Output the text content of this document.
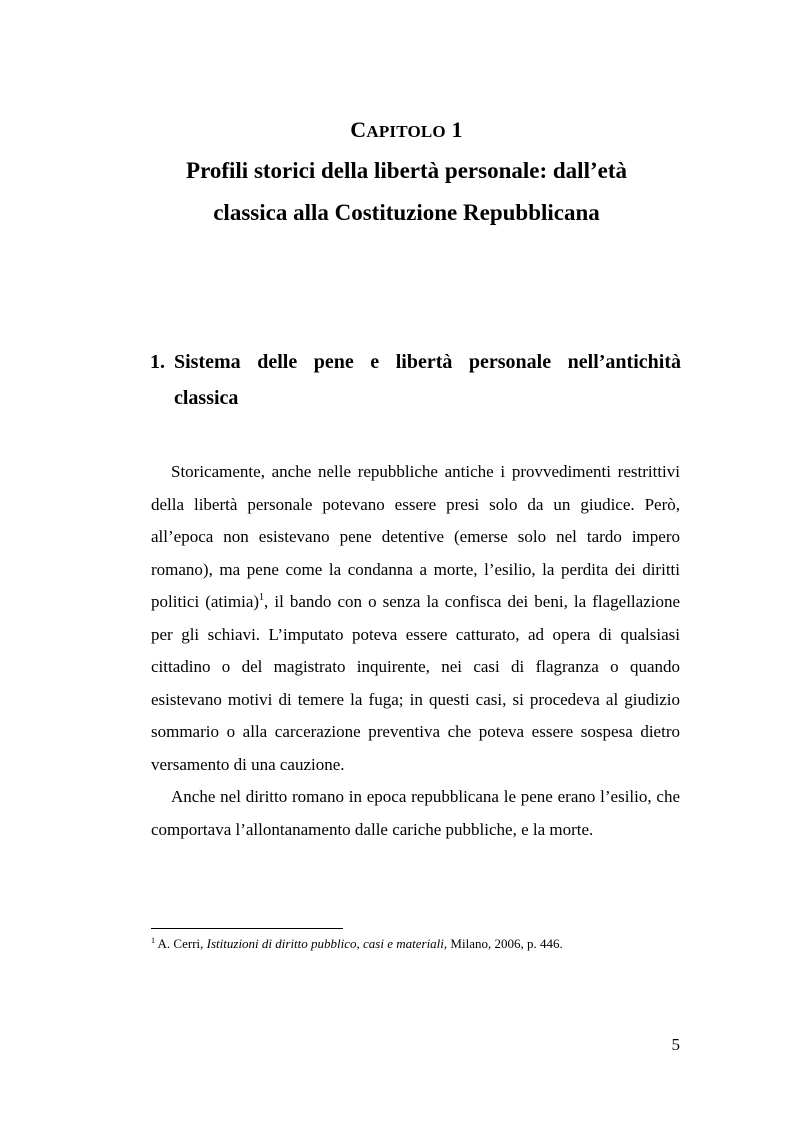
CAPITOLO 1
Profili storici della libertà personale: dall’età
classica alla Costituzione Repubblicana
1. Sistema delle pene e libertà personale nell’antichità
classica

Storicamente, anche nelle repubbliche antiche i provvedimenti restrittivi della libertà personale potevano essere presi solo da un giudice. Però, all’epoca non esistevano pene detentive (emerse solo nel tardo impero romano), ma pene come la condanna a morte, l’esilio, la perdita dei diritti politici (atimia)$^1$, il bando con o senza la confisca dei beni, la flagellazione per gli schiavi. L’imputato poteva essere catturato, ad opera di qualsiasi cittadino o del magistrato inquirente, nei casi di flagranza o quando esistevano motivi di temere la fuga; in questi casi, si procedeva al giudizio sommario o alla carcerazione preventiva che poteva essere sospesa dietro versamento di una cauzione.

Anche nel diritto romano in epoca repubblicana le pene erano l’esilio, che comportava l’allontanamento dalle cariche pubbliche, e la morte.

$^1$ A. Cerri, Istituzioni di diritto pubblico, casi e materiali, Milano, 2006, p. 446.
5
